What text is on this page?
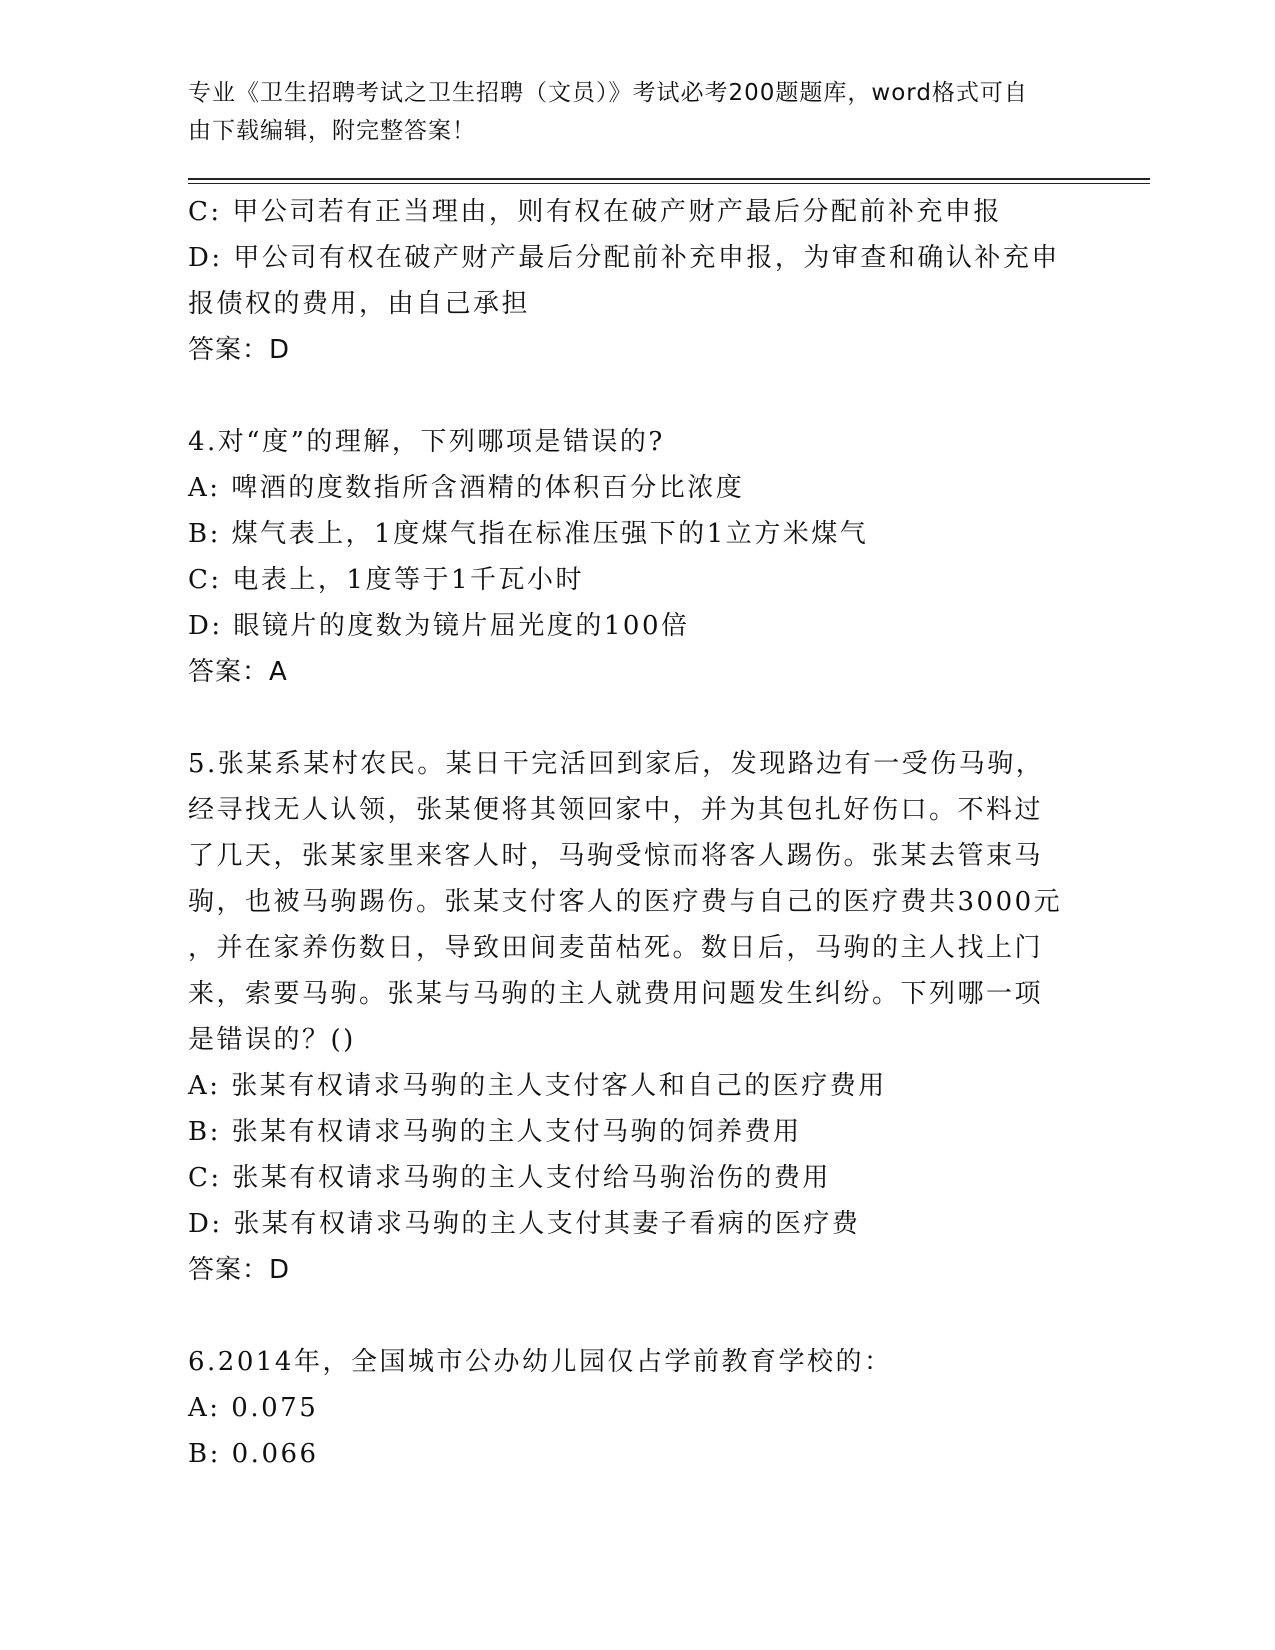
专业《卫生招聘考试之卫生招聘（文员）》考试必考200题题库，word格式可自
由下载编辑，附完整答案！
C: 甲公司若有正当理由，则有权在破产财产最后分配前补充申报
D: 甲公司有权在破产财产最后分配前补充申报，为审查和确认补充申
报债权的费用，由自己承担
答案：D
4.对“度”的理解，下列哪项是错误的?
A: 啤酒的度数指所含酒精的体积百分比浓度
B: 煤气表上，1度煤气指在标准压强下的1立方米煤气
C: 电表上，1度等于1千瓦小时
D: 眼镜片的度数为镜片屈光度的100倍
答案：A
5.张某系某村农民。某日干完活回到家后，发现路边有一受伤马驹，
经寻找无人认领，张某便将其领回家中，并为其包扎好伤口。不料过
了几天，张某家里来客人时，马驹受惊而将客人踢伤。张某去管束马
驹，也被马驹踢伤。张某支付客人的医疗费与自己的医疗费共3000元
，并在家养伤数日，导致田间麦苗枯死。数日后，马驹的主人找上门
来，索要马驹。张某与马驹的主人就费用问题发生纠纷。下列哪一项
是错误的？()
A: 张某有权请求马驹的主人支付客人和自己的医疗费用
B: 张某有权请求马驹的主人支付马驹的饲养费用
C: 张某有权请求马驹的主人支付给马驹治伤的费用
D: 张某有权请求马驹的主人支付其妻子看病的医疗费
答案：D
6.2014年，全国城市公办幼儿园仅占学前教育学校的：
A: 0.075
B: 0.066
